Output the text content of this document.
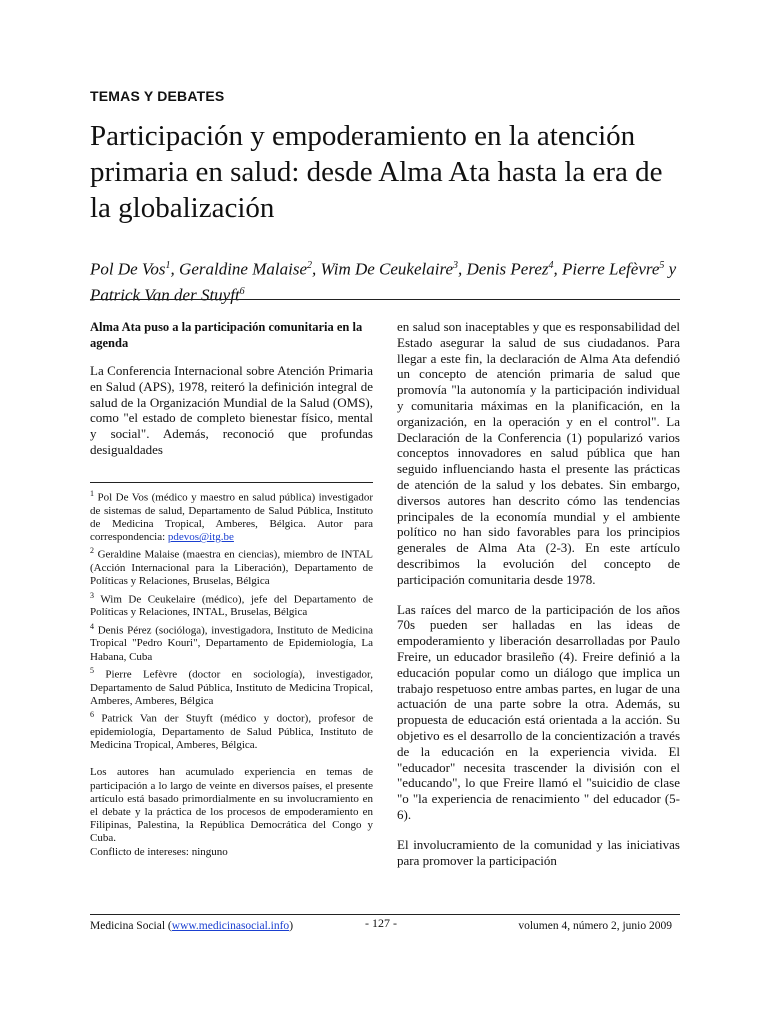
TEMAS Y DEBATES
Participación y empoderamiento en la atención primaria en salud: desde Alma Ata hasta la era de la globalización
Pol De Vos$^1$, Geraldine Malaise$^2$, Wim De Ceukelaire$^3$, Denis Perez$^4$, Pierre Lefèvre$^5$ y Patrick Van der Stuyft$^6$

Alma Ata puso a la participación comunitaria en la agenda

La Conferencia Internacional sobre Atención Primaria en Salud (APS), 1978, reiteró la definición integral de salud de la Organización Mundial de la Salud (OMS), como "el estado de completo bienestar físico, mental y social". Además, reconoció que profundas desigualdades

$^1$ Pol De Vos (médico y maestro en salud pública) investigador de sistemas de salud, Departamento de Salud Pública, Instituto de Medicina Tropical, Amberes, Bélgica. Autor para correspondencia: pdevos@itg.be

$^2$ Geraldine Malaise (maestra en ciencias), miembro de INTAL (Acción Internacional para la Liberación), Departamento de Políticas y Relaciones, Bruselas, Bélgica

$^3$ Wim De Ceukelaire (médico), jefe del Departamento de Políticas y Relaciones, INTAL, Bruselas, Bélgica

$^4$ Denis Pérez (sociólogа), investigadora, Instituto de Medicina Tropical "Pedro Kouri", Departamento de Epidemiología, La Habana, Cuba

$^5$ Pierre Lefèvre (doctor en sociología), investigador, Departamento de Salud Pública, Instituto de Medicina Tropical, Amberes, Amberes, Bélgica

$^6$ Patrick Van der Stuyft (médico y doctor), profesor de epidemiología, Departamento de Salud Pública, Instituto de Medicina Tropical, Amberes, Bélgica.

Los autores han acumulado experiencia en temas de participación a lo largo de veinte en diversos países, el presente artículo está basado primordialmente en su involucramiento en el debate y la práctica de los procesos de empoderamiento en Filipinas, Palestina, la República Democrática del Congo y Cuba.

Conflicto de intereses: ninguno

en salud son inaceptables y que es responsabilidad del Estado asegurar la salud de sus ciudadanos. Para llegar a este fin, la declaración de Alma Ata defendió un concepto de atención primaria de salud que promovía "la autonomía y la participación individual y comunitaria máximas en la planificación, en la organización, en la operación y en el control". La Declaración de la Conferencia (1) popularizó varios conceptos innovadores en salud pública que han seguido influenciando hasta el presente las prácticas de atención de la salud y los debates. Sin embargo, diversos autores han descrito cómo las tendencias principales de la economía mundial y el ambiente político no han sido favorables para los principios generales de Alma Ata (2-3). En este artículo describimos la evolución del concepto de participación comunitaria desde 1978.

Las raíces del marco de la participación de los años 70s pueden ser halladas en las ideas de empoderamiento y liberación desarrolladas por Paulo Freire, un educador brasileño (4). Freire definió a la educación popular como un diálogo que implica un trabajo respetuoso entre ambas partes, en lugar de una actuación de una parte sobre la otra. Además, su propuesta de educación está orientada a la acción. Su objetivo es el desarrollo de la concientización a través de la educación en la experiencia vivida. El "educador" necesita trascender la división con el "educando", lo que Freire llamó el "suicidio de clase "o "la experiencia de renacimiento " del educador (5-6).

El involucramiento de la comunidad y las iniciativas para promover la participación

Medicina Social (www.medicinasocial.info)	- 127 -	volumen 4, número 2, junio 2009
